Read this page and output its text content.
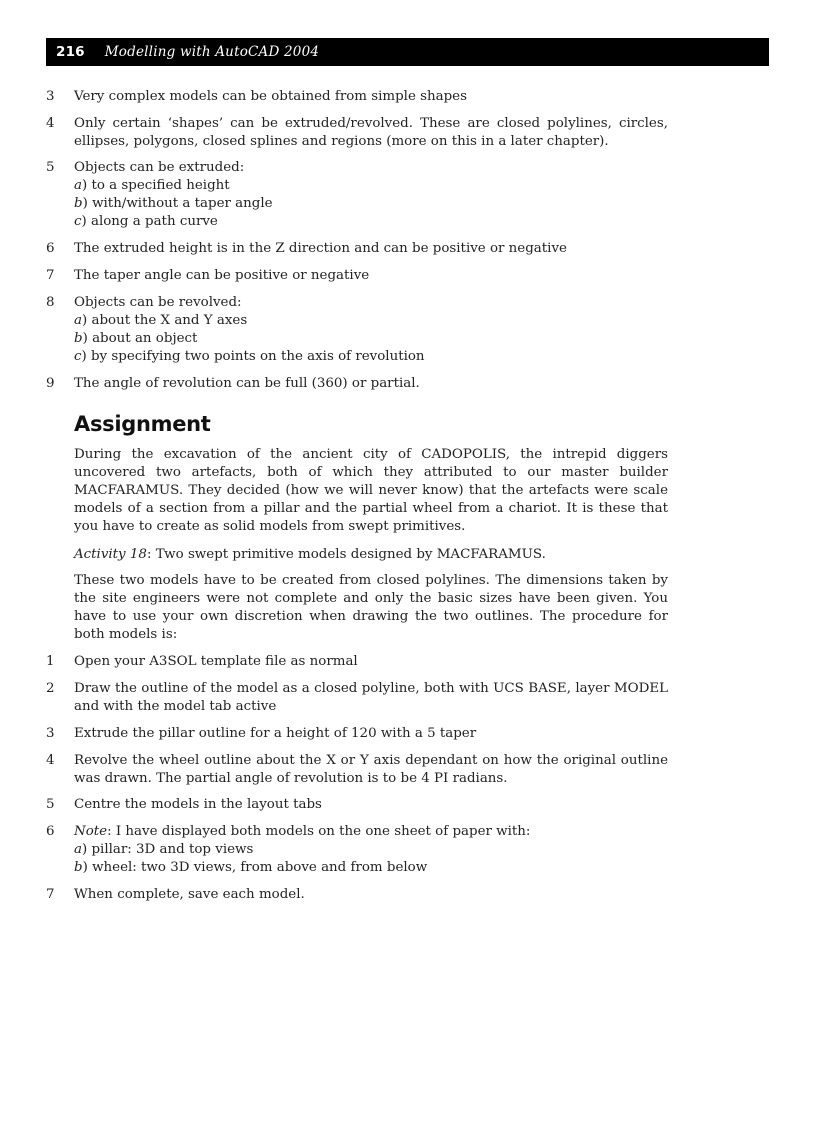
216 Modelling with AutoCAD 2004
3	Very complex models can be obtained from simple shapes
4	Only certain ‘shapes’ can be extruded/revolved. These are closed polylines, circles, ellipses, polygons, closed splines and regions (more on this in a later chapter).
5	Objects can be extruded:
a) to a specified height
b) with/without a taper angle
c) along a path curve
6	The extruded height is in the Z direction and can be positive or negative
7	The taper angle can be positive or negative
8	Objects can be revolved:
a) about the X and Y axes
b) about an object
c) by specifying two points on the axis of revolution
9	The angle of revolution can be full (360) or partial.
Assignment
During the excavation of the ancient city of CADOPOLIS, the intrepid diggers uncovered two artefacts, both of which they attributed to our master builder MACFARAMUS. They decided (how we will never know) that the artefacts were scale models of a section from a pillar and the partial wheel from a chariot. It is these that you have to create as solid models from swept primitives.
Activity 18: Two swept primitive models designed by MACFARAMUS.
These two models have to be created from closed polylines. The dimensions taken by the site engineers were not complete and only the basic sizes have been given. You have to use your own discretion when drawing the two outlines. The procedure for both models is:
1	Open your A3SOL template file as normal
2	Draw the outline of the model as a closed polyline, both with UCS BASE, layer MODEL and with the model tab active
3	Extrude the pillar outline for a height of 120 with a 5 taper
4	Revolve the wheel outline about the X or Y axis dependant on how the original outline was drawn. The partial angle of revolution is to be 4 PI radians.
5	Centre the models in the layout tabs
6	Note: I have displayed both models on the one sheet of paper with:
a) pillar: 3D and top views
b) wheel: two 3D views, from above and from below
7	When complete, save each model.
